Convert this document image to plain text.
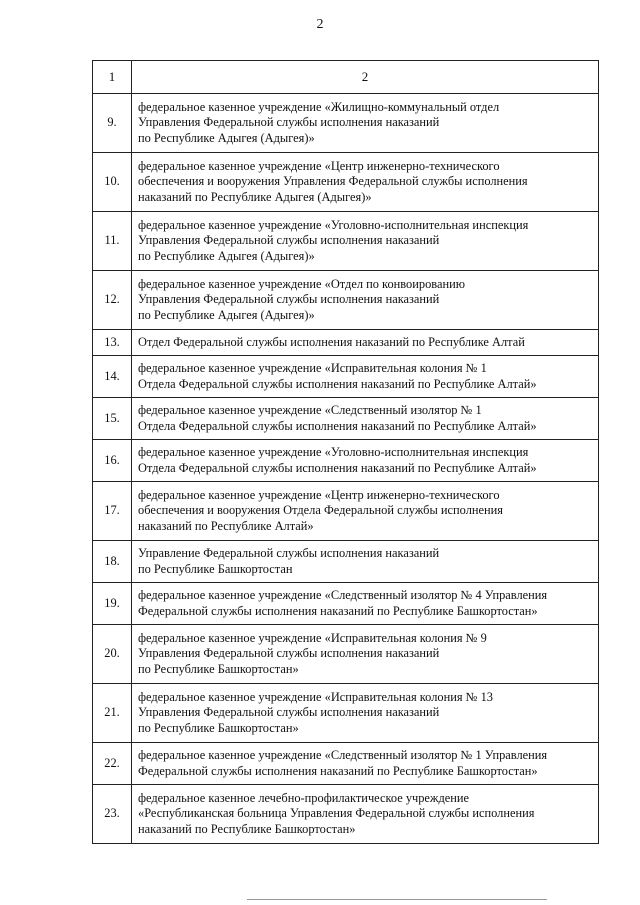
2
1	2
9.	федеральное казенное учреждение «Жилищно-коммунальный отдел
Управления Федеральной службы исполнения наказаний
по Республике Адыгея (Адыгея)»
10.	федеральное казенное учреждение «Центр инженерно-технического
обеспечения и вооружения Управления Федеральной службы исполнения
наказаний по Республике Адыгея (Адыгея)»
11.	федеральное казенное учреждение «Уголовно-исполнительная инспекция
Управления Федеральной службы исполнения наказаний
по Республике Адыгея (Адыгея)»
12.	федеральное казенное учреждение «Отдел по конвоированию
Управления Федеральной службы исполнения наказаний
по Республике Адыгея (Адыгея)»
13.	Отдел Федеральной службы исполнения наказаний по Республике Алтай
14.	федеральное казенное учреждение «Исправительная колония № 1
Отдела Федеральной службы исполнения наказаний по Республике Алтай»
15.	федеральное казенное учреждение «Следственный изолятор № 1
Отдела Федеральной службы исполнения наказаний по Республике Алтай»
16.	федеральное казенное учреждение «Уголовно-исполнительная инспекция
Отдела Федеральной службы исполнения наказаний по Республике Алтай»
17.	федеральное казенное учреждение «Центр инженерно-технического
обеспечения и вооружения Отдела Федеральной службы исполнения
наказаний по Республике Алтай»
18.	Управление Федеральной службы исполнения наказаний
по Республике Башкортостан
19.	федеральное казенное учреждение «Следственный изолятор № 4 Управления
Федеральной службы исполнения наказаний по Республике Башкортостан»
20.	федеральное казенное учреждение «Исправительная колония № 9
Управления Федеральной службы исполнения наказаний
по Республике Башкортостан»
21.	федеральное казенное учреждение «Исправительная колония № 13
Управления Федеральной службы исполнения наказаний
по Республике Башкортостан»
22.	федеральное казенное учреждение «Следственный изолятор № 1 Управления
Федеральной службы исполнения наказаний по Республике Башкортостан»
23.	федеральное казенное лечебно-профилактическое учреждение
«Республиканская больница Управления Федеральной службы исполнения
наказаний по Республике Башкортостан»
